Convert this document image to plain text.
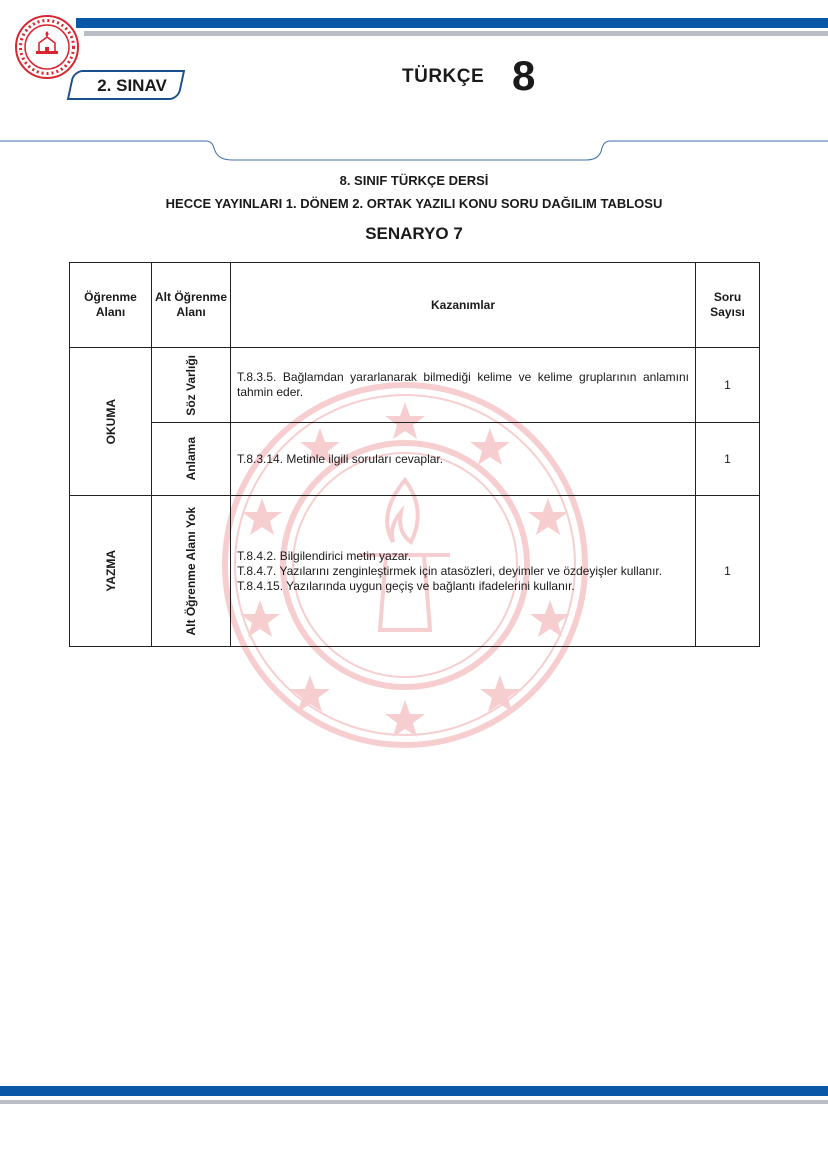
2. SINAV	TÜRKÇE 8
8. SINIF TÜRKÇE DERSİ
HECCE YAYINLARI 1. DÖNEM 2. ORTAK YAZILI KONU SORU DAĞILIM TABLOSU
SENARYO 7
Öğrenme Alanı	Alt Öğrenme Alanı	Kazanımlar	Soru Sayısı

OKUMA	Söz Varlığı	T.8.3.5. Bağlamdan yararlanarak bilmediği kelime ve kelime gruplarının anlamını tahmin eder.	1

	Anlama	T.8.3.14. Metinle ilgili soruları cevaplar.	1

YAZMA	Alt Öğrenme Alanı Yok	T.8.4.2. Bilgilendirici metin yazar.
T.8.4.7. Yazılarını zenginleştirmek için atasözleri, deyimler ve özdeyişler kullanır.
T.8.4.15. Yazılarında uygun geçiş ve bağlantı ifadelerini kullanır.	1
